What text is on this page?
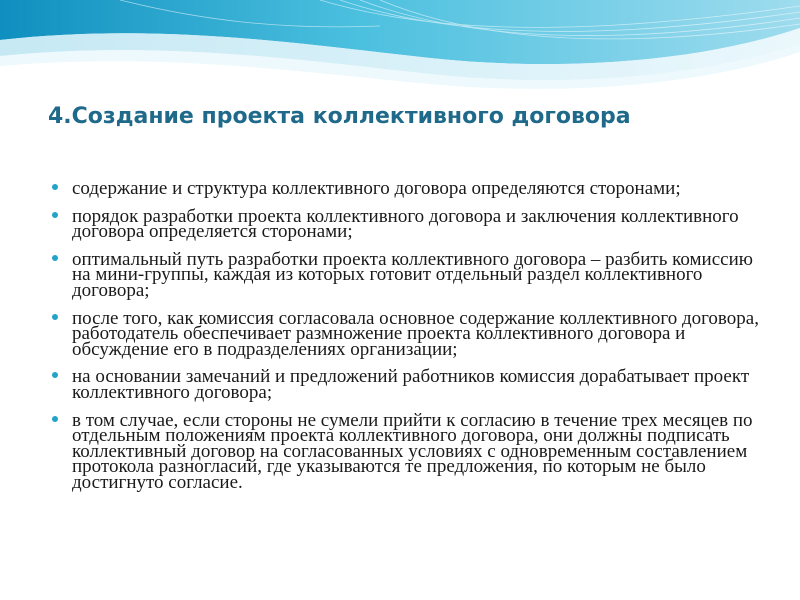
4.Создание проекта коллективного договора
содержание и структура коллективного договора определяются сторонами;
порядок разработки проекта коллективного договора и заключения коллективного договора определяется сторонами;
оптимальный путь разработки проекта коллективного договора – разбить комиссию на мини-группы, каждая из которых готовит отдельный раздел коллективного договора;
после того, как комиссия согласовала основное содержание коллективного договора, работодатель обеспечивает размножение проекта коллективного договора и обсуждение его в подразделениях организации;
на основании замечаний и предложений работников комиссия дорабатывает проект коллективного договора;
в том случае, если стороны не сумели прийти к согласию в течение трех месяцев по отдельным положениям проекта коллективного договора, они должны подписать коллективный договор на согласованных условиях с одновременным составлением протокола разногласий, где указываются те предложения, по которым не было достигнуто согласие.
